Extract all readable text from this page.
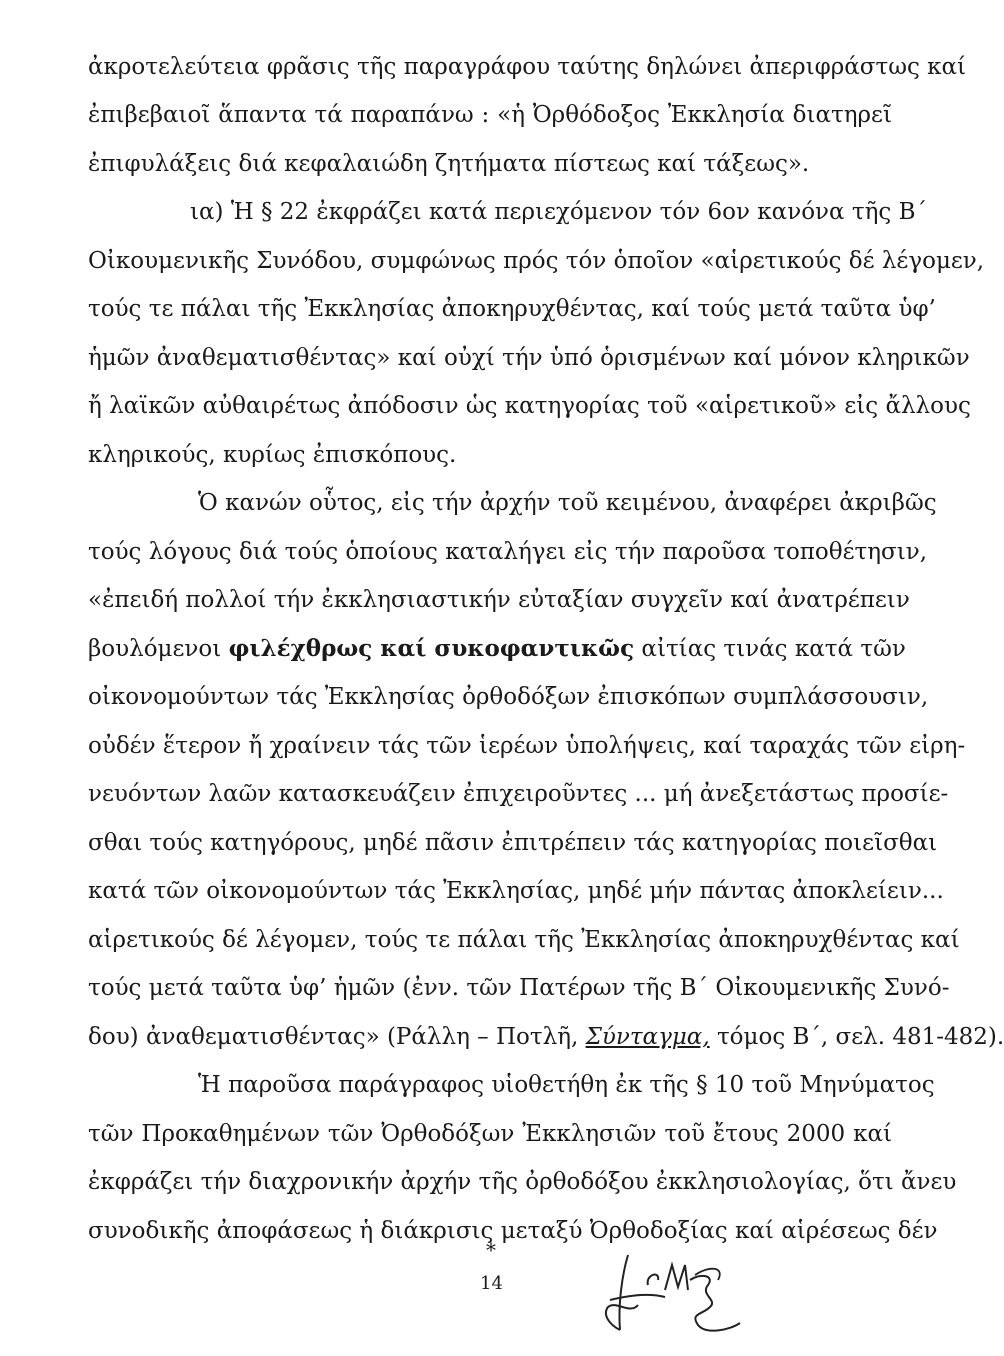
ἀκροτελεύτεια φρᾶσις τῆς παραγράφου ταύτης δηλώνει ἀπεριφράστως καί
ἐπιβεβαιοῖ ἅπαντα τά παραπάνω : «ἡ Ὀρθόδοξος Ἐκκλησία διατηρεῖ
ἐπιφυλάξεις διά κεφαλαιώδη ζητήματα πίστεως καί τάξεως».
ια) Ἡ § 22 ἐκφράζει κατά περιεχόμενον τόν 6ον κανόνα τῆς Β΄
Οἰκουμενικῆς Συνόδου, συμφώνως πρός τόν ὁποῖον «αἱρετικούς δέ λέγομεν,
τούς τε πάλαι τῆς Ἐκκλησίας ἀποκηρυχθέντας, καί τούς μετά ταῦτα ὑφ’
ἡμῶν ἀναθεματισθέντας» καί οὐχί τήν ὑπό ὁρισμένων καί μόνον κληρικῶν
ἤ λαϊκῶν αὐθαιρέτως ἀπόδοσιν ὡς κατηγορίας τοῦ «αἱρετικοῦ» εἰς ἄλλους
κληρικούς, κυρίως ἐπισκόπους.
Ὁ κανών οὗτος, εἰς τήν ἀρχήν τοῦ κειμένου, ἀναφέρει ἀκριβῶς
τούς λόγους διά τούς ὁποίους καταλήγει εἰς τήν παροῦσα τοποθέτησιν,
«ἐπειδή πολλοί τήν ἐκκλησιαστικήν εὐταξίαν συγχεῖν καί ἀνατρέπειν
βουλόμενοι φιλέχθρως καί συκοφαντικῶς αἰτίας τινάς κατά τῶν
οἰκονομούντων τάς Ἐκκλησίας ὀρθοδόξων ἐπισκόπων συμπλάσσουσιν,
οὐδέν ἕτερον ἤ χραίνειν τάς τῶν ἱερέων ὑπολήψεις, καί ταραχάς τῶν εἰρη-
νευόντων λαῶν κατασκευάζειν ἐπιχειροῦντες ... μή ἀνεξετάστως προσίε-
σθαι τούς κατηγόρους, μηδέ πᾶσιν ἐπιτρέπειν τάς κατηγορίας ποιεῖσθαι
κατά τῶν οἰκονομούντων τάς Ἐκκλησίας, μηδέ μήν πάντας ἀποκλείειν...
αἱρετικούς δέ λέγομεν, τούς τε πάλαι τῆς Ἐκκλησίας ἀποκηρυχθέντας καί
τούς μετά ταῦτα ὑφ’ ἡμῶν (ἐνν. τῶν Πατέρων τῆς Β΄ Οἰκουμενικῆς Συνό-
δου) ἀναθεματισθέντας» (Ράλλη – Ποτλῆ, Σύνταγμα, τόμος Β΄, σελ. 481-482).
Ἡ παροῦσα παράγραφος υἱοθετήθη ἐκ τῆς § 10 τοῦ Μηνύματος
τῶν Προκαθημένων τῶν Ὀρθοδόξων Ἐκκλησιῶν τοῦ ἔτους 2000 καί
ἐκφράζει τήν διαχρονικήν ἀρχήν τῆς ὀρθοδόξου ἐκκλησιολογίας, ὅτι ἄνευ
συνοδικῆς ἀποφάσεως ἡ διάκρισις μεταξύ Ὀρθοδοξίας καί αἱρέσεως δέν
*
14
